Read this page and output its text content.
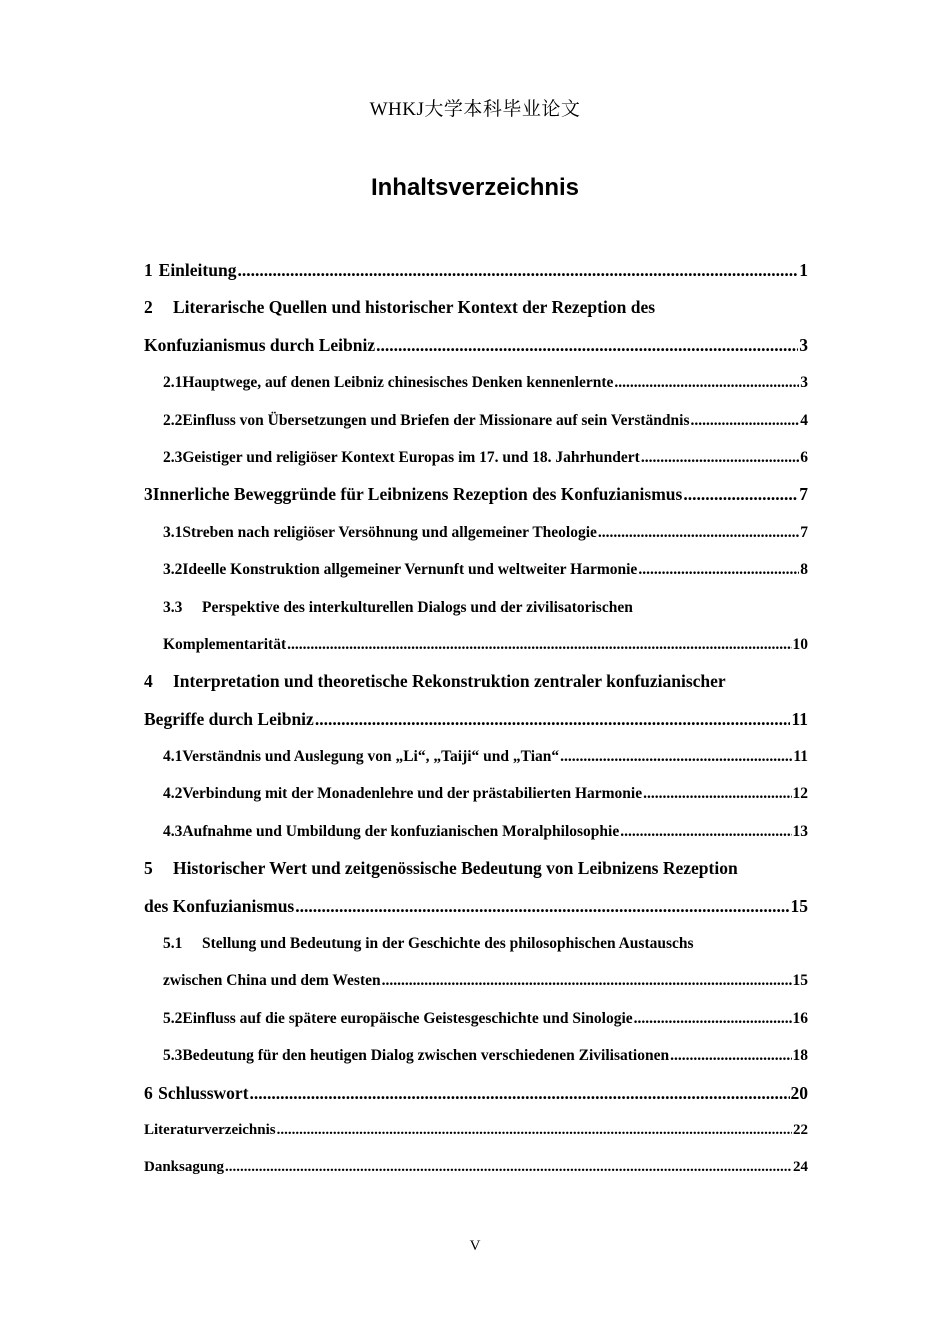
WHKJ大学本科毕业论文
Inhaltsverzeichnis
1 Einleitung .....	1
2 Literarische Quellen und historischer Kontext der Rezeption des
Konfuzianismus durch Leibniz .....	3
2.1 Hauptwege, auf denen Leibniz chinesisches Denken kennenlernte .....	3
2.2 Einfluss von Übersetzungen und Briefen der Missionare auf sein Verständnis .....	4
2.3 Geistiger und religiöser Kontext Europas im 17. und 18. Jahrhundert .....	6
3 Innerliche Beweggründe für Leibnizens Rezeption des Konfuzianismus .....	7
3.1 Streben nach religiöser Versöhnung und allgemeiner Theologie .....	7
3.2 Ideelle Konstruktion allgemeiner Vernunft und weltweiter Harmonie .....	8
3.3 Perspektive des interkulturellen Dialogs und der zivilisatorischen
Komplementarität .....	10
4 Interpretation und theoretische Rekonstruktion zentraler konfuzianischer
Begriffe durch Leibniz .....	11
4.1 Verständnis und Auslegung von „Li“, „Taiji“ und „Tian“ .....	11
4.2 Verbindung mit der Monadenlehre und der prästabilierten Harmonie .....	12
4.3 Aufnahme und Umbildung der konfuzianischen Moralphilosophie .....	13
5 Historischer Wert und zeitgenössische Bedeutung von Leibnizens Rezeption
des Konfuzianismus .....	15
5.1 Stellung und Bedeutung in der Geschichte des philosophischen Austauschs
zwischen China und dem Westen .....	15
5.2 Einfluss auf die spätere europäische Geistesgeschichte und Sinologie .....	16
5.3 Bedeutung für den heutigen Dialog zwischen verschiedenen Zivilisationen .....	18
6 Schlusswort .....	20
Literaturverzeichnis .....	22
Danksagung .....	24
V
